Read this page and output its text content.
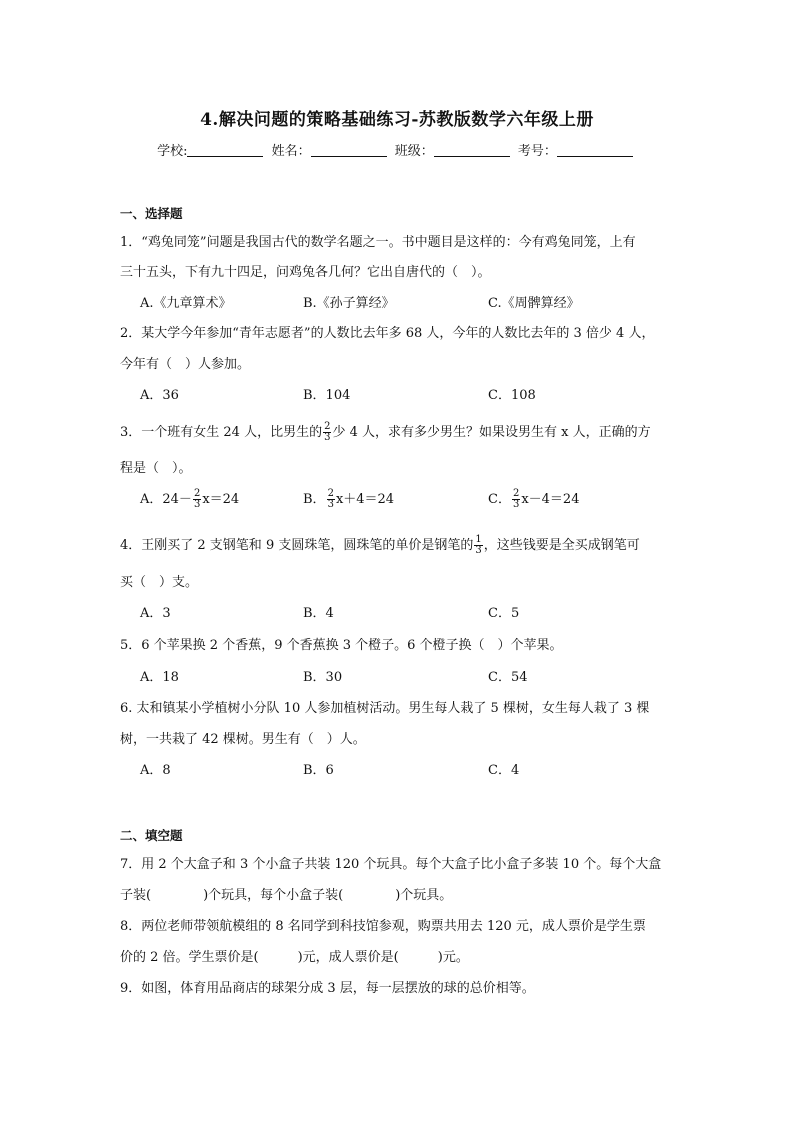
4.解决问题的策略基础练习-苏教版数学六年级上册
学校:	姓名：	班级：	考号：
一、选择题
1．“鸡兔同笼”问题是我国古代的数学名题之一。书中题目是这样的：今有鸡兔同笼，上有
三十五头，下有九十四足，问鸡兔各几何？它出自唐代的（　）。
A.《九章算术》	B.《孙子算经》	C.《周髀算经》
2．某大学今年参加“青年志愿者”的人数比去年多 68 人，今年的人数比去年的 3 倍少 4 人，
今年有（　）人参加。
A．36	B．104	C．108
3．一个班有女生 24 人，比男生的 $\frac{2}{3}$ 少 4 人，求有多少男生？如果设男生有 x 人，正确的方
程是（　）。
A．$24- \frac{2}{3} x=24$	B． $\frac{2}{3} x+4=24$	C． $\frac{2}{3} x-4=24$
4．王刚买了 2 支钢笔和 9 支圆珠笔，圆珠笔的单价是钢笔的 $\frac{1}{3}$ ，这些钱要是全买成钢笔可
买（　）支。
A．3	B．4	C．5
5．6 个苹果换 2 个香蕉，9 个香蕉换 3 个橙子。6 个橙子换（　）个苹果。
A．18	B．30	C．54
6. 太和镇某小学植树小分队 10 人参加植树活动。男生每人栽了 5 棵树，女生每人栽了 3 棵
树，一共栽了 42 棵树。男生有（　）人。
A．8	B．6	C．4
二、填空题
7．用 2 个大盒子和 3 个小盒子共装 120 个玩具。每个大盒子比小盒子多装 10 个。每个大盒
子装(　　　　)个玩具，每个小盒子装(　　　　)个玩具。
8．两位老师带领航模组的 8 名同学到科技馆参观，购票共用去 120 元，成人票价是学生票
价的 2 倍。学生票价是(　　　)元，成人票价是(　　　)元。
9．如图，体育用品商店的球架分成 3 层，每一层摆放的球的总价相等。
